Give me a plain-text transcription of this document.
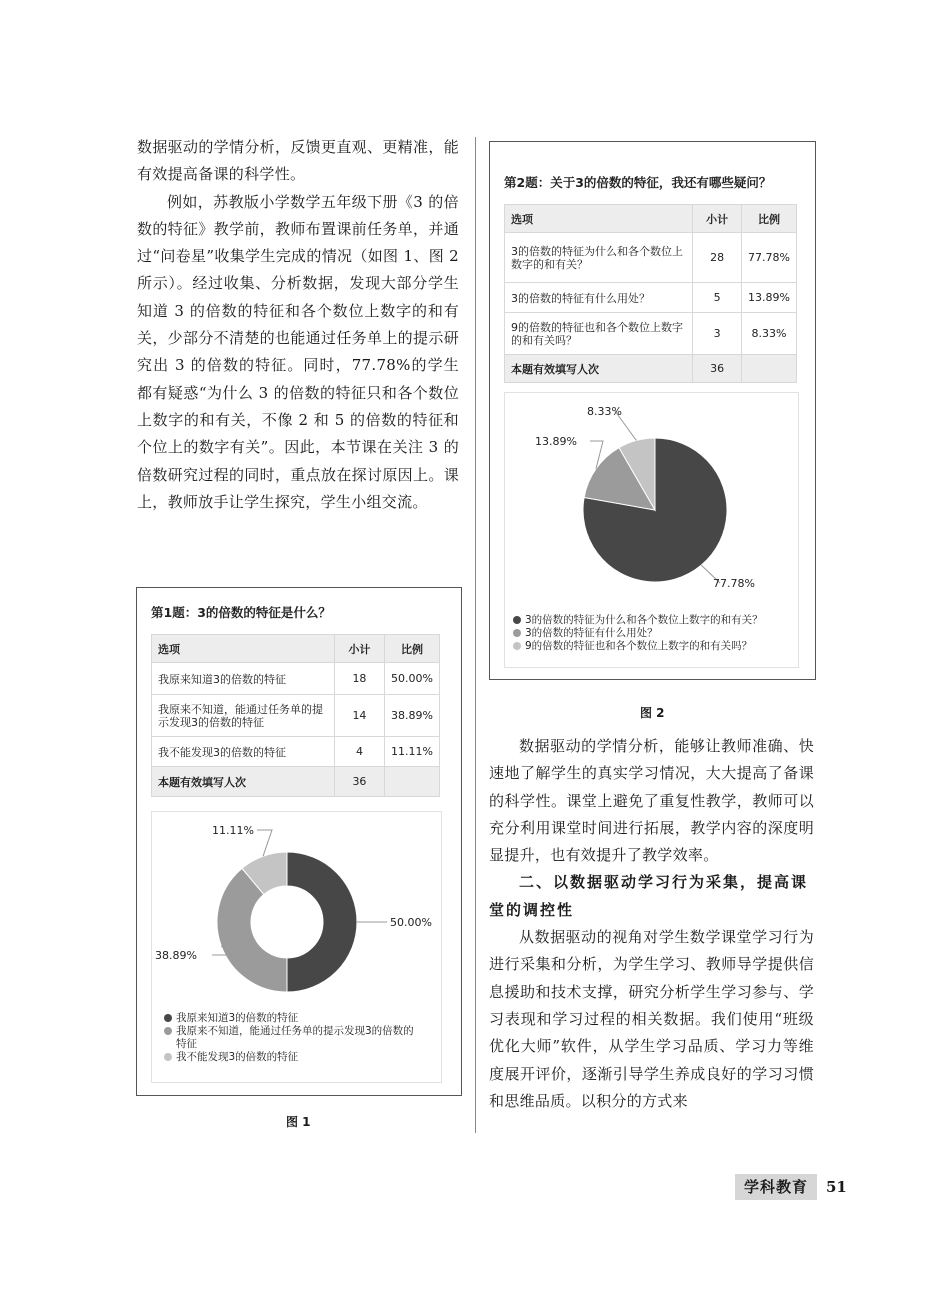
数据驱动的学情分析，反馈更直观、更精准，能有效提高备课的科学性。

例如，苏教版小学数学五年级下册《3 的倍数的特征》教学前，教师布置课前任务单，并通过“问卷星”收集学生完成的情况（如图 1、图 2 所示）。经过收集、分析数据，发现大部分学生知道 3 的倍数的特征和各个数位上数字的和有关，少部分不清楚的也能通过任务单上的提示研究出 3 的倍数的特征。同时，77.78%的学生都有疑惑“为什么 3 的倍数的特征只和各个数位上数字的和有关，不像 2 和 5 的倍数的特征和个位上的数字有关”。因此，本节课在关注 3 的倍数研究过程的同时，重点放在探讨原因上。课上，教师放手让学生探究，学生小组交流。

第1题：3的倍数的特征是什么？
选项	小计	比例
我原来知道3的倍数的特征	18	50.00%
我原来不知道，能通过任务单的提示发现3的倍数的特征	14	38.89%
我不能发现3的倍数的特征	4	11.11%
本题有效填写人次	36	
50.00%
38.89%
11.11%
我原来知道3的倍数的特征
我原来不知道，能通过任务单的提示发现3的倍数的特征
我不能发现3的倍数的特征
图 1
第2题：关于3的倍数的特征，我还有哪些疑问？
选项	小计	比例
3的倍数的特征为什么和各个数位上数字的和有关？	28	77.78%
3的倍数的特征有什么用处？	5	13.89%
9的倍数的特征也和各个数位上数字的和有关吗？	3	8.33%
本题有效填写人次	36	
77.78%
13.89%
8.33%
3的倍数的特征为什么和各个数位上数字的和有关？
3的倍数的特征有什么用处？
9的倍数的特征也和各个数位上数字的和有关吗？
图 2

数据驱动的学情分析，能够让教师准确、快速地了解学生的真实学习情况，大大提高了备课的科学性。课堂上避免了重复性教学，教师可以充分利用课堂时间进行拓展，教学内容的深度明显提升，也有效提升了教学效率。

二、以数据驱动学习行为采集，提高课堂的调控性

从数据驱动的视角对学生数学课堂学习行为进行采集和分析，为学生学习、教师导学提供信息援助和技术支撑，研究分析学生学习参与、学习表现和学习过程的相关数据。我们使用“班级优化大师”软件，从学生学习品质、学习力等维度展开评价，逐渐引导学生养成良好的学习习惯和思维品质。以积分的方式来

学科教育	51
